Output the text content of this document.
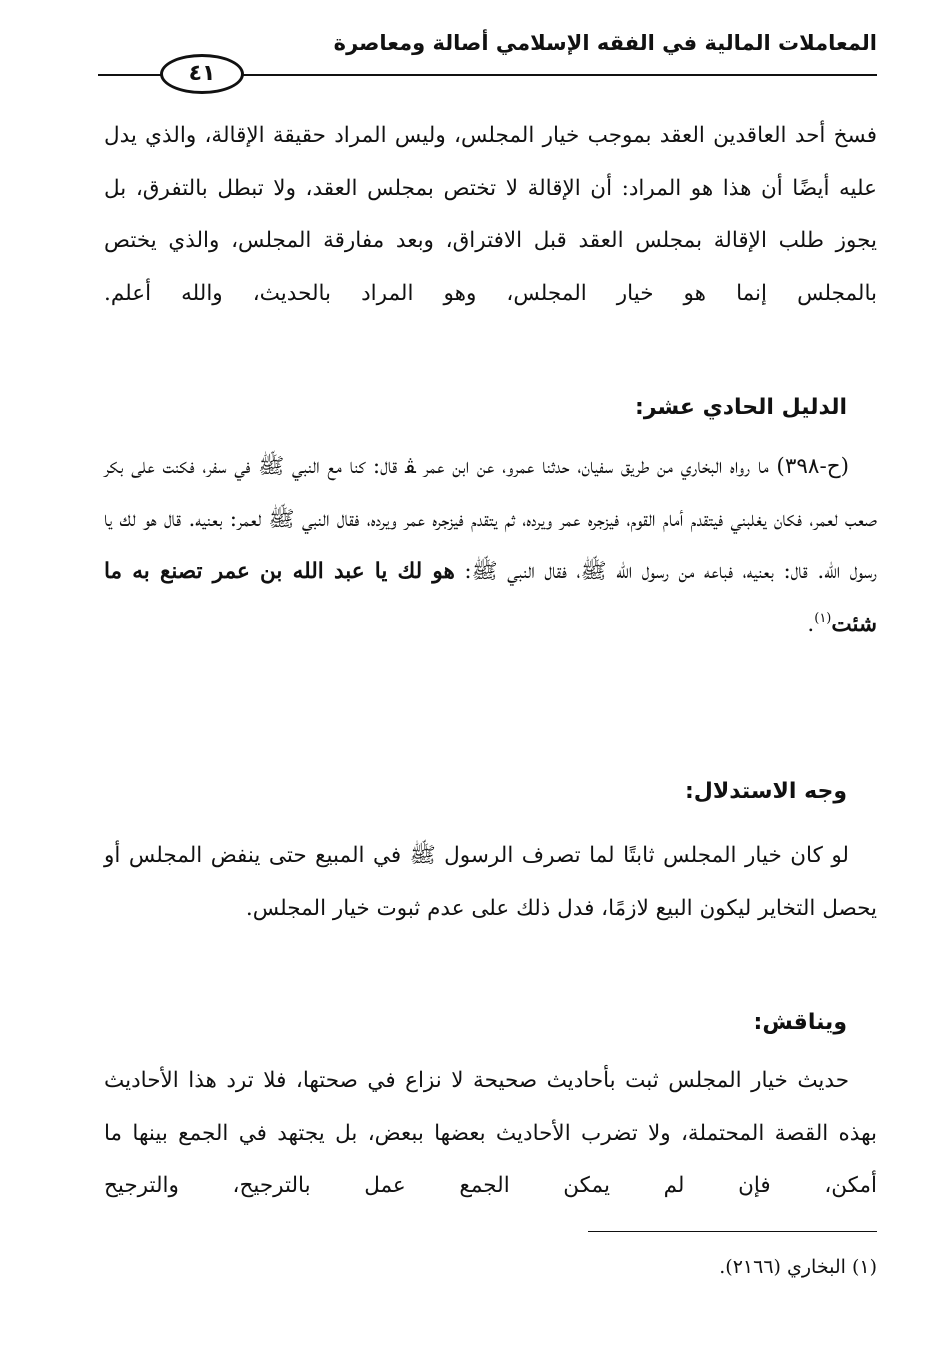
المعاملات المالية في الفقه الإسلامي أصالة ومعاصرة
٤١
فسخ أحد العاقدين العقد بموجب خيار المجلس، وليس المراد حقيقة الإقالة، والذي يدل عليه أيضًا أن هذا هو المراد: أن الإقالة لا تختص بمجلس العقد، ولا تبطل بالتفرق، بل يجوز طلب الإقالة بمجلس العقد قبل الافتراق، وبعد مفارقة المجلس، والذي يختص بالمجلس إنما هو خيار المجلس، وهو المراد بالحديث، والله أعلم.
الدليل الحادي عشر:
(ح-٣٩٨) ما رواه البخاري من طريق سفيان، حدثنا عمرو، عن ابن عمر ﭭ قال: كنا مع النبي ﷺ في سفر، فكنت على بكر صعب لعمر، فكان يغلبني فيتقدم أمام القوم، فيزجره عمر ويرده، ثم يتقدم فيزجره عمر ويرده، فقال النبي ﷺ لعمر: بعنيه. قال هو لك يا رسول الله. قال: بعنيه، فباعه من رسول الله ﷺ، فقال النبي ﷺ: هو لك يا عبد الله بن عمر تصنع به ما شئت$^{(١)}$.
وجه الاستدلال:
لو كان خيار المجلس ثابتًا لما تصرف الرسول ﷺ في المبيع حتى ينفض المجلس أو يحصل التخاير ليكون البيع لازمًا، فدل ذلك على عدم ثبوت خيار المجلس.
ويناقش:
حديث خيار المجلس ثبت بأحاديث صحيحة لا نزاع في صحتها، فلا ترد هذا الأحاديث بهذه القصة المحتملة، ولا تضرب الأحاديث بعضها ببعض، بل يجتهد في الجمع بينها ما أمكن، فإن لم يمكن الجمع عمل بالترجيح، والترجيح
(١) البخاري (٢١٦٦).
